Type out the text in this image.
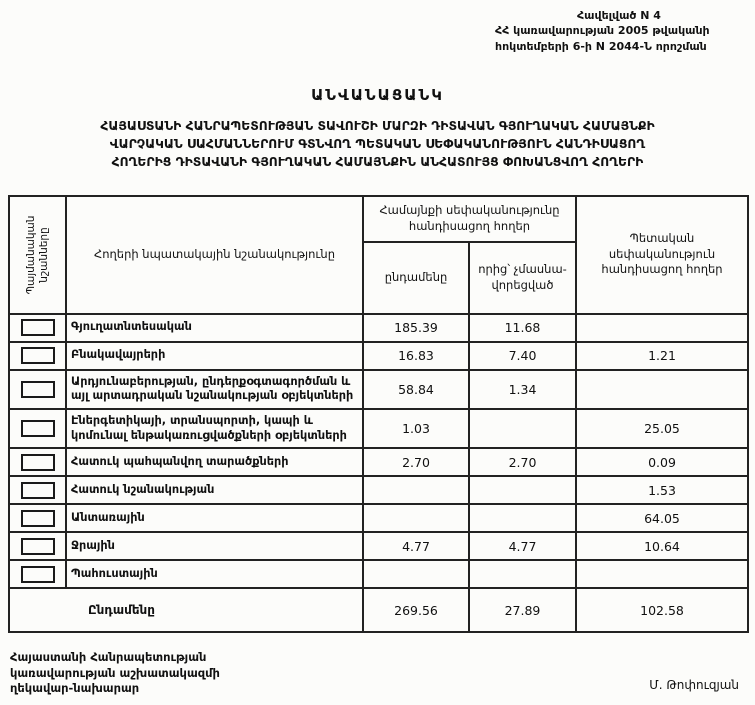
Հավելված N 4
ՀՀ կառավարության 2005 թվականի
հոկտեմբերի 6-ի N 2044-Ն որոշման
ԱՆՎԱՆԱՑԱՆԿ
ՀԱՅԱՍՏԱՆԻ ՀԱՆՐԱՊԵՏՈՒԹՅԱՆ ՏԱՎՈՒՇԻ ՄԱՐԶԻ ԴԻՏԱՎԱՆ ԳՅՈՒՂԱԿԱՆ ՀԱՄԱՅՆՔԻ
ՎԱՐՉԱԿԱՆ ՍԱՀՄԱՆՆԵՐՈՒՄ ԳՏՆՎՈՂ ՊԵՏԱԿԱՆ ՍԵՓԱԿԱՆՈՒԹՅՈՒՆ ՀԱՆԴԻՍԱՑՈՂ
ՀՈՂԵՐԻՑ ԴԻՏԱՎԱՆԻ ԳՅՈՒՂԱԿԱՆ ՀԱՄԱՅՆՔԻՆ ԱՆՀԱՏՈՒՅՑ ՓՈԽԱՆՑՎՈՂ ՀՈՂԵՐԻ
Պայմանական նշանները	Հողերի նպատակային նշանակությունը	Համայնքի սեփականությունը հանդիսացող հողեր		Պետական սեփականություն հանդիսացող հողեր
		ընդամենը	որից՝ չմասնա-վորեցված	

	Գյուղատնտեսական	185.39	11.68	

	Բնակավայրերի	16.83	7.40	1.21

	Արդյունաբերության, ընդերքօգտագործման և այլ արտադրական նշանակության օբյեկտների	58.84	1.34	

	Էներգետիկայի, տրանսպորտի, կապի և կոմունալ ենթակառուցվածքների օբյեկտների	1.03		25.05

	Հատուկ պահպանվող տարածքների	2.70	2.70	0.09

	Հատուկ նշանակության			1.53

	Անտառային			64.05

	Ջրային	4.77	4.77	10.64

	Պահուստային			
Ընդամենը		269.56	27.89	102.58
Հայաստանի Հանրապետության
կառավարության աշխատակազմի
ղեկավար-նախարար	Մ. Թոփուզյան
